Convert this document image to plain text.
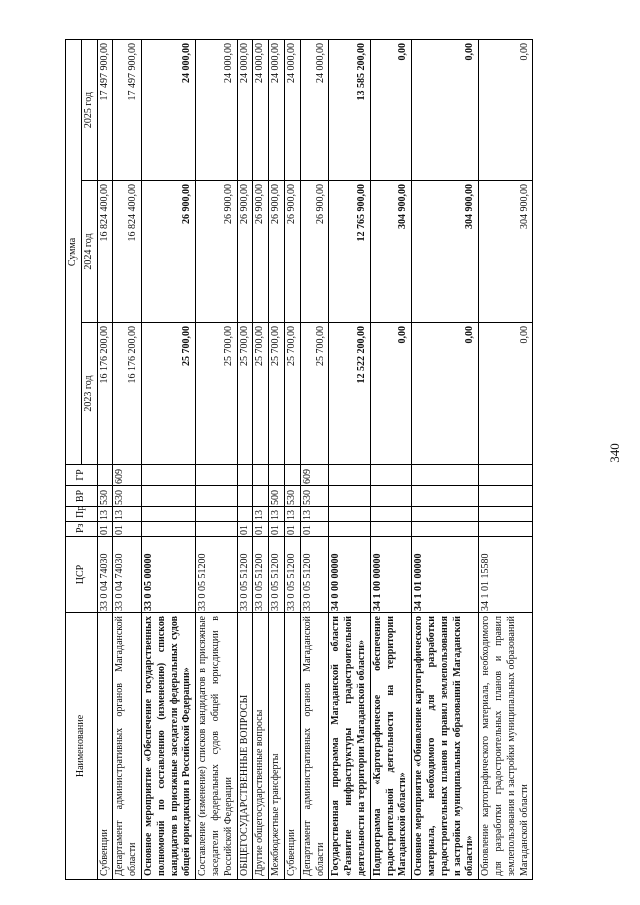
340
Наименование	ЦСР	Рз	Пр	ВР	ГР	Сумма		
						2023 год	2024 год	2025 год
Субвенции	33 0 04 74030	01	13	530		16 176 200,00	16 824 400,00	17 497 900,00
Департамент административных органов Магаданской области	33 0 04 74030	01	13	530	609	16 176 200,00	16 824 400,00	17 497 900,00
Основное мероприятие «Обеспечение государственных полномочий по составлению (изменению) списков кандидатов в присяжные заседатели федеральных судов общей юрисдикции в Российской Федерации»	33 0 05 00000					25 700,00	26 900,00	24 000,00
Составление (изменение) списков кандидатов в присяжные заседатели федеральных судов общей юрисдикции в Российской Федерации	33 0 05 51200					25 700,00	26 900,00	24 000,00
ОБЩЕГОСУДАРСТВЕННЫЕ ВОПРОСЫ	33 0 05 51200	01				25 700,00	26 900,00	24 000,00
Другие общегосударственные вопросы	33 0 05 51200	01	13			25 700,00	26 900,00	24 000,00
Межбюджетные трансферты	33 0 05 51200	01	13	500		25 700,00	26 900,00	24 000,00
Субвенции	33 0 05 51200	01	13	530		25 700,00	26 900,00	24 000,00
Департамент административных органов Магаданской области	33 0 05 51200	01	13	530	609	25 700,00	26 900,00	24 000,00
Государственная программа Магаданской области «Развитие инфраструктуры градостроительной деятельности на территории Магаданской области»	34 0 00 00000					12 522 200,00	12 765 900,00	13 585 200,00
Подпрограмма «Картографическое обеспечение градостроительной деятельности на территории Магаданской области»	34 1 00 00000					0,00	304 900,00	0,00
Основное мероприятие «Обновление картографического материала, необходимого для разработки градостроительных планов и правил землепользования и застройки муниципальных образований Магаданской области»	34 1 01 00000					0,00	304 900,00	0,00
Обновление картографического материала, необходимого для разработки градостроительных планов и правил землепользования и застройки муниципальных образований Магаданской области	34 1 01 15580					0,00	304 900,00	0,00
